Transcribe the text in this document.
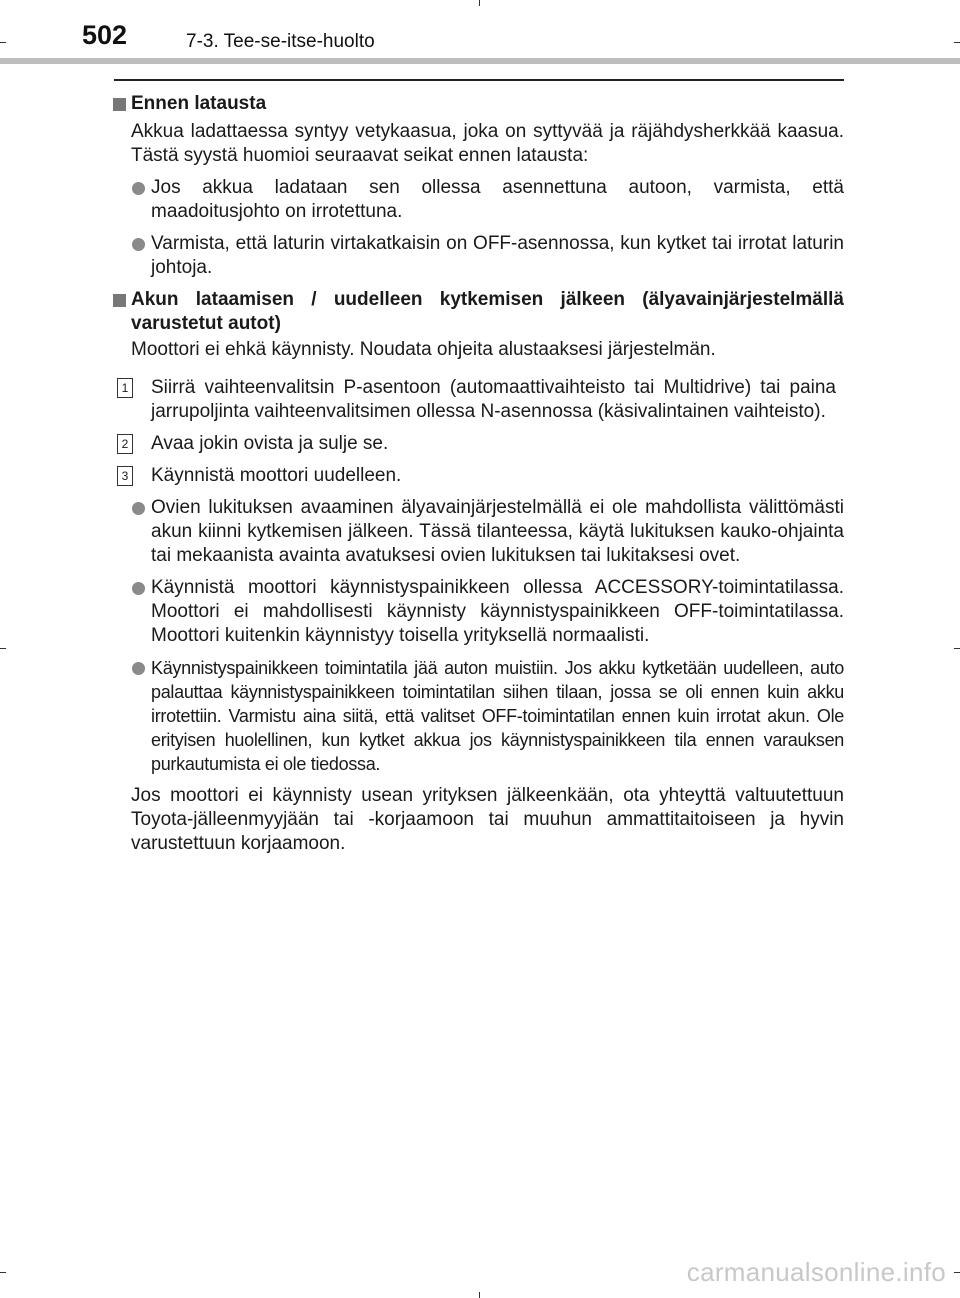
502	7-3. Tee-se-itse-huolto
Ennen latausta
Akkua ladattaessa syntyy vetykaasua, joka on syttyvää ja räjähdysherkkää kaasua. Tästä syystä huomioi seuraavat seikat ennen latausta:
Jos akkua ladataan sen ollessa asennettuna autoon, varmista, että maadoitusjohto on irrotettuna.
Varmista, että laturin virtakatkaisin on OFF-asennossa, kun kytket tai irrotat laturin johtoja.
Akun lataamisen / uudelleen kytkemisen jälkeen (älyavainjärjestelmällä varustetut autot)
Moottori ei ehkä käynnisty. Noudata ohjeita alustaaksesi järjestelmän.
1 Siirrä vaihteenvalitsin P-asentoon (automaattivaihteisto tai Multidrive) tai paina jarrupoljinta vaihteenvalitsimen ollessa N-asennossa (käsivalintainen vaihteisto).
2 Avaa jokin ovista ja sulje se.
3 Käynnistä moottori uudelleen.
Ovien lukituksen avaaminen älyavainjärjestelmällä ei ole mahdollista välittömästi akun kiinni kytkemisen jälkeen. Tässä tilanteessa, käytä lukituksen kauko-ohjainta tai mekaanista avainta avatuksesi ovien lukituksen tai lukitaksesi ovet.
Käynnistä moottori käynnistyspainikkeen ollessa ACCESSORY-toimintatilassa. Moottori ei mahdollisesti käynnisty käynnistyspainikkeen OFF-toimintatilassa. Moottori kuitenkin käynnistyy toisella yrityksellä normaalisti.
Käynnistyspainikkeen toimintatila jää auton muistiin. Jos akku kytketään uudelleen, auto palauttaa käynnistyspainikkeen toimintatilan siihen tilaan, jossa se oli ennen kuin akku irrotettiin. Varmistu aina siitä, että valitset OFF-toimintatilan ennen kuin irrotat akun. Ole erityisen huolellinen, kun kytket akkua jos käynnistyspainikkeen tila ennen varauksen purkautumista ei ole tiedossa.
Jos moottori ei käynnisty usean yrityksen jälkeenkään, ota yhteyttä valtuutettuun Toyota-jälleenmyyjään tai -korjaamoon tai muuhun ammattitaitoiseen ja hyvin varustettuun korjaamoon.
carmanualsonline.info
